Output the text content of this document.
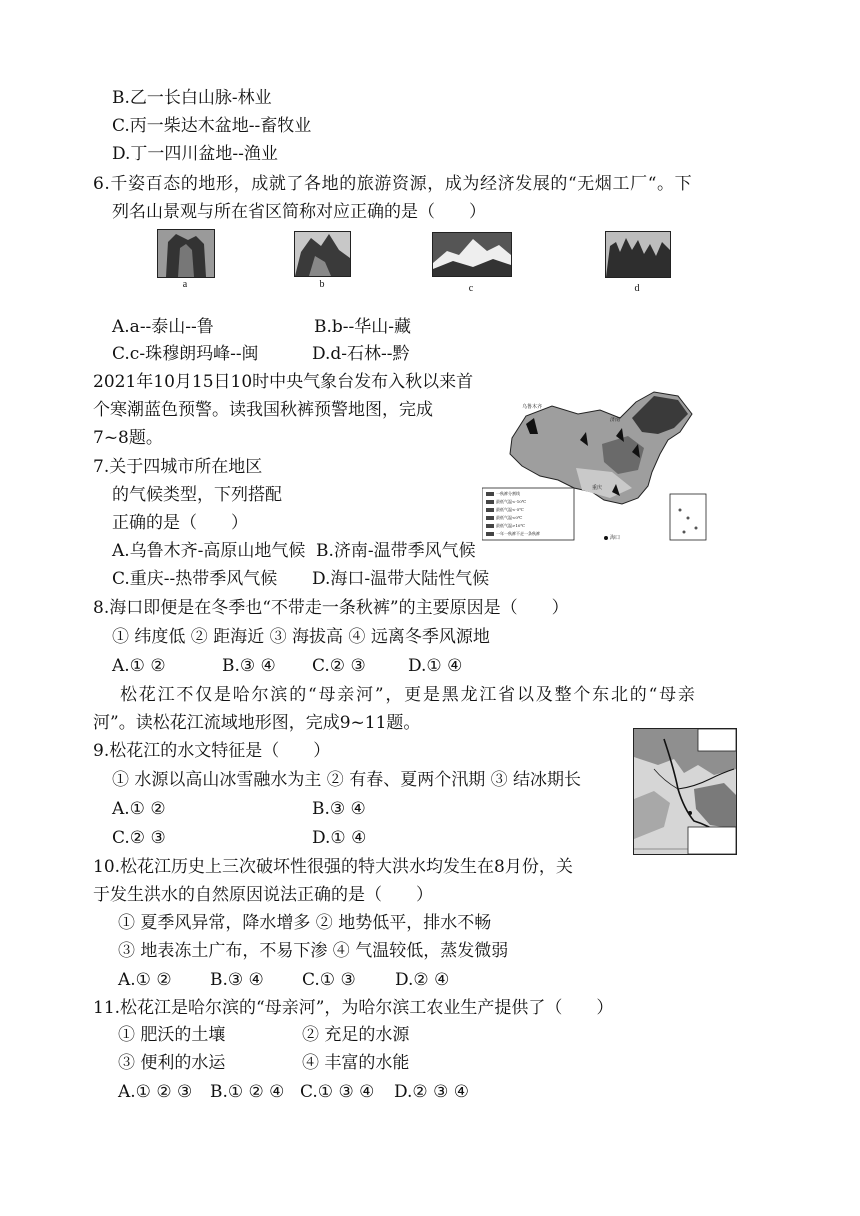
B.乙一长白山脉-林业
C.丙一柴达木盆地--畜牧业
D.丁一四川盆地--渔业
6.千姿百态的地形，成就了各地的旅游资源，成为经济发展的“无烟工厂“。下
列名山景观与所在省区简称对应正确的是（　　）
a	b	c	d
A.a--泰山--鲁	B.b--华山-藏
C.c-珠穆朗玛峰--闽	D.d-石林--黔
2021年10月15日10时中央气象台发布入秋以来首
个寒潮蓝色预警。读我国秋裤预警地图，完成
7~8题。
乌鲁木齐
济南
重庆
海口
一秋裤分割线
最低气温<-10℃
最低气温<-5℃
最低气温<0℃
最低气温>10℃
一年一秋裤不走一条秋裤
7.关于四城市所在地区
的气候类型，下列搭配
正确的是（　　）
A.乌鲁木齐-高原山地气候 B.济南-温带季风气候
C.重庆--热带季风气候 D.海口-温带大陆性气候
8.海口即便是在冬季也“不带走一条秋裤”的主要原因是（　　）
① 纬度低 ② 距海近 ③ 海拔高 ④ 远离冬季风源地
A.① ②	B.③ ④ C.② ③ D.① ④
松花江不仅是哈尔滨的“母亲河”，更是黑龙江省以及整个东北的“母亲
河”。读松花江流域地形图，完成9~11题。
9.松花江的水文特征是（　　）
① 水源以高山冰雪融水为主 ② 有春、夏两个汛期 ③ 结冰期长
A.① ②	B.③ ④
C.② ③	D.① ④
10.松花江历史上三次破坏性很强的特大洪水均发生在8月份，关
于发生洪水的自然原因说法正确的是（　　）
① 夏季风异常，降水增多 ② 地势低平，排水不畅
③ 地表冻土广布，不易下渗 ④ 气温较低，蒸发微弱
A.① ② B.③ ④ C.① ③ D.② ④
11.松花江是哈尔滨的“母亲河”，为哈尔滨工农业生产提供了（　　）
① 肥沃的土壤	② 充足的水源
③ 便利的水运	④ 丰富的水能
A.① ② ③ B.① ② ④ C.① ③ ④ D.② ③ ④
